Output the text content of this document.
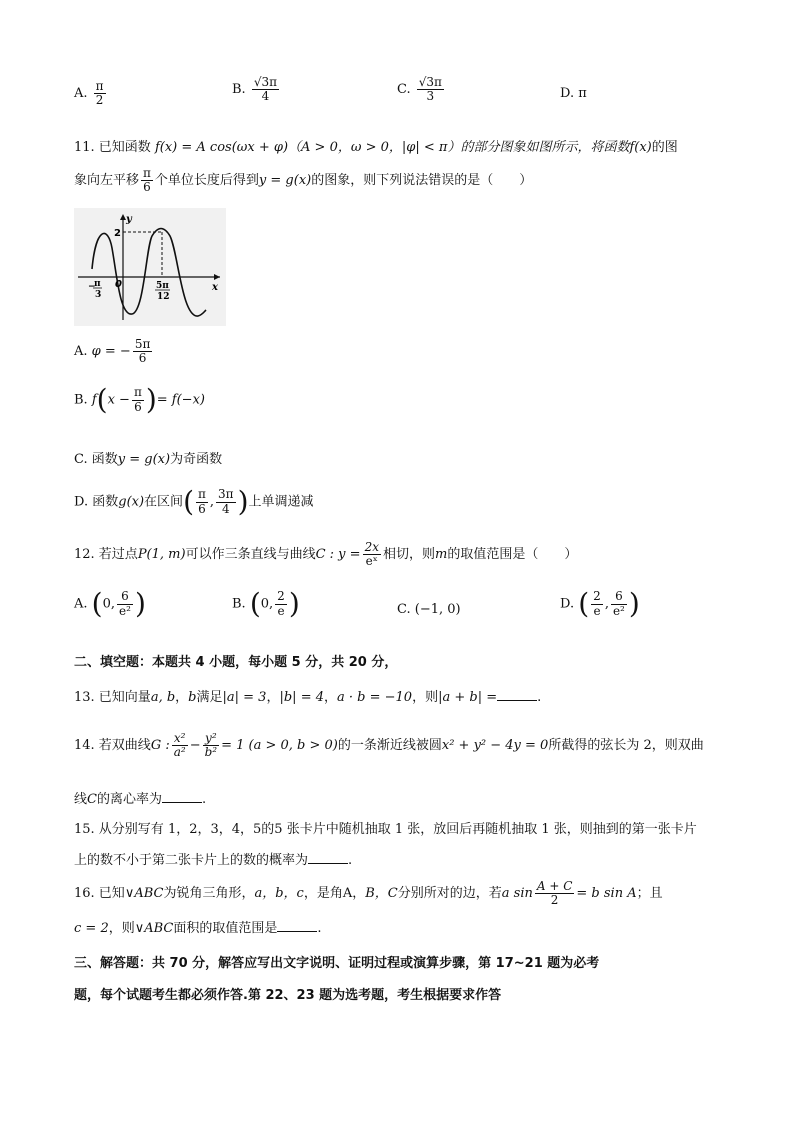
A. $\frac{\pi}{2}$	B. $\frac{√3\pi}{4}$	C. $\frac{√3\pi}{3}$	D. π
11. 已知函数 f(x) = A cos(ωx + φ)（A > 0，ω > 0，|φ| < π）的部分图象如图所示，将函数f(x)的图
象向左平移 $\frac{\pi}{6}$ 个单位长度后得到y = g(x)的图象，则下列说法错误的是（　　）
y
x
2
0
−
π
3
5π
12
A. φ = − $\frac{5\pi}{6}$
B. $f(x - \frac{\pi}{6}$ )= f(−x)
C. 函数y = g(x)为奇函数
D. 函数g(x)在区间( $\frac{\pi}{6}$ , $\frac{3\pi}{4}$ )上单调递减
12. 若过点P(1, m)可以作三条直线与曲线C : $y = \frac{2x}{\text{eˣ}}$ 相切，则m的取值范围是（　　）
A. (0, $\frac{6}{\text{e²}}$ )	B. (0, $\frac{2}{e}$ )	C. (−1, 0)	D. ( $\frac{2}{e}$ , $\frac{6}{\text{e²}}$ )
二、填空题：本题共 4 小题，每小题 5 分，共 20 分，
13. 已知向量a, b，b满足|a| = 3，|b| = 4，a · b = −10，则|a + b| =	.
14. 若双曲线G : $\frac{\text{x²}}{\text{a²}} - \frac{\text{y²}}{\text{b²}} = 1$ (a > 0, b > 0)的一条渐近线被圆x² + y² − 4y = 0所截得的弦长为 2，则双曲
线C的离心率为	.
15. 从分别写有 1，2，3，4，5的5 张卡片中随机抽取 1 张，放回后再随机抽取 1 张，则抽到的第一张卡片
上的数不小于第二张卡片上的数的概率为	.
16. 已知∨ABC为锐角三角形，a，b，c，是角A，B，C分别所对的边，若a $\sin \frac{A + C}{2} = b$ sin A；且
c = 2，则∨ABC面积的取值范围是	.
三、解答题：共 70 分，解答应写出文字说明、证明过程或演算步骤，第 17~21 题为必考
题，每个试题考生都必须作答.第 22、23 题为选考题，考生根据要求作答
